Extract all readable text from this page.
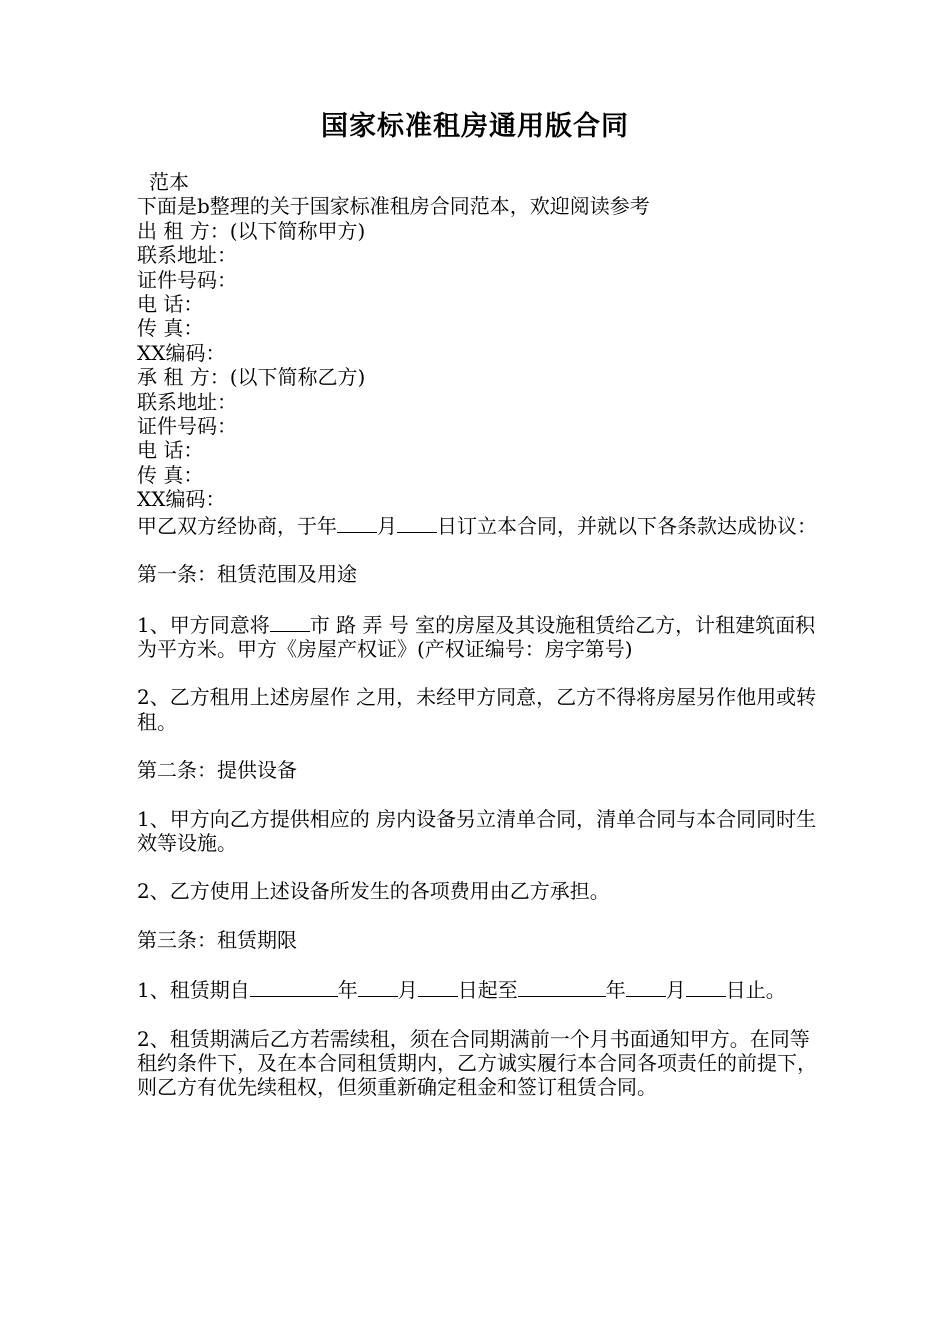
国家标准租房通用版合同
范本
下面是b整理的关于国家标准租房合同范本，欢迎阅读参考
出 租 方：(以下简称甲方)
联系地址：
证件号码：
电 话：
传 真：
XX编码：
承 租 方：(以下简称乙方)
联系地址：
证件号码：
电 话：
传 真：
XX编码：
甲乙双方经协商，于年 月 日订立本合同，并就以下各条款达成协议：
第一条：租赁范围及用途
1、甲方同意将 市 路 弄 号 室的房屋及其设施租赁给乙方，计租建筑面积为平方米。甲方《房屋产权证》(产权证编号：房字第号)
2、乙方租用上述房屋作 之用，未经甲方同意，乙方不得将房屋另作他用或转租。
第二条：提供设备
1、甲方向乙方提供相应的 房内设备另立清单合同，清单合同与本合同同时生效等设施。
2、乙方使用上述设备所发生的各项费用由乙方承担。
第三条：租赁期限
1、租赁期自	年 月 日起至	年 月 日止。
2、租赁期满后乙方若需续租，须在合同期满前一个月书面通知甲方。在同等租约条件下，及在本合同租赁期内，乙方诚实履行本合同各项责任的前提下，则乙方有优先续租权，但须重新确定租金和签订租赁合同。
